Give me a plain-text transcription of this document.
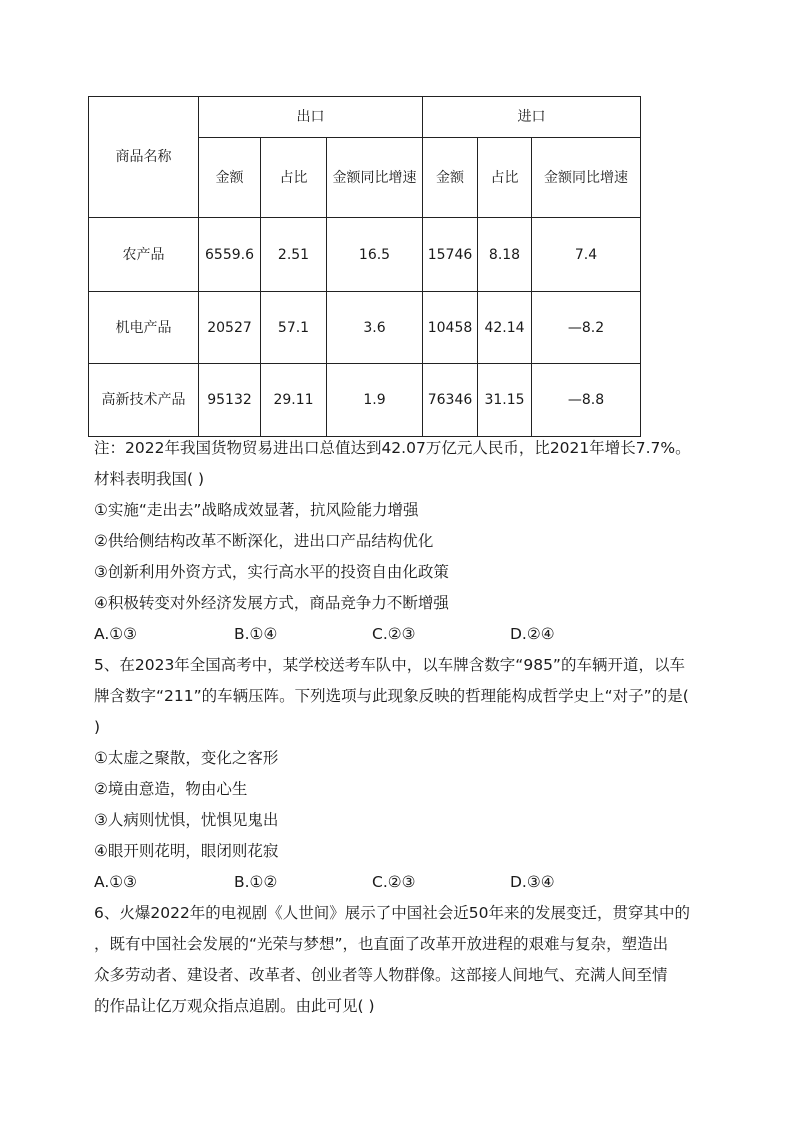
商品名称	出口			进口		
	金额	占比	金额同比增速	金额	占比	金额同比增速
农产品	6559.6	2.51	16.5	15746	8.18	7.4
机电产品	20527	57.1	3.6	10458	42.14	—8.2
高新技术产品	95132	29.11	1.9	76346	31.15	—8.8
注：2022年我国货物贸易进出口总值达到42.07万亿元人民币，比2021年增长7.7%。
材料表明我国( )
①实施“走出去”战略成效显著，抗风险能力增强
②供给侧结构改革不断深化，进出口产品结构优化
③创新利用外资方式，实行高水平的投资自由化政策
④积极转变对外经济发展方式，商品竞争力不断增强
A.①③	B.①④	C.②③	D.②④
5、在2023年全国高考中，某学校送考车队中，以车牌含数字“985”的车辆开道，以车
牌含数字“211”的车辆压阵。下列选项与此现象反映的哲理能构成哲学史上“对子”的是(
)
①太虚之聚散，变化之客形
②境由意造，物由心生
③人病则忧惧，忧惧见鬼出
④眼开则花明，眼闭则花寂
A.①③	B.①②	C.②③	D.③④
6、火爆2022年的电视剧《人世间》展示了中国社会近50年来的发展变迁，贯穿其中的
，既有中国社会发展的“光荣与梦想”，也直面了改革开放进程的艰难与复杂，塑造出
众多劳动者、建设者、改革者、创业者等人物群像。这部接人间地气、充满人间至情
的作品让亿万观众指点追剧。由此可见( )
